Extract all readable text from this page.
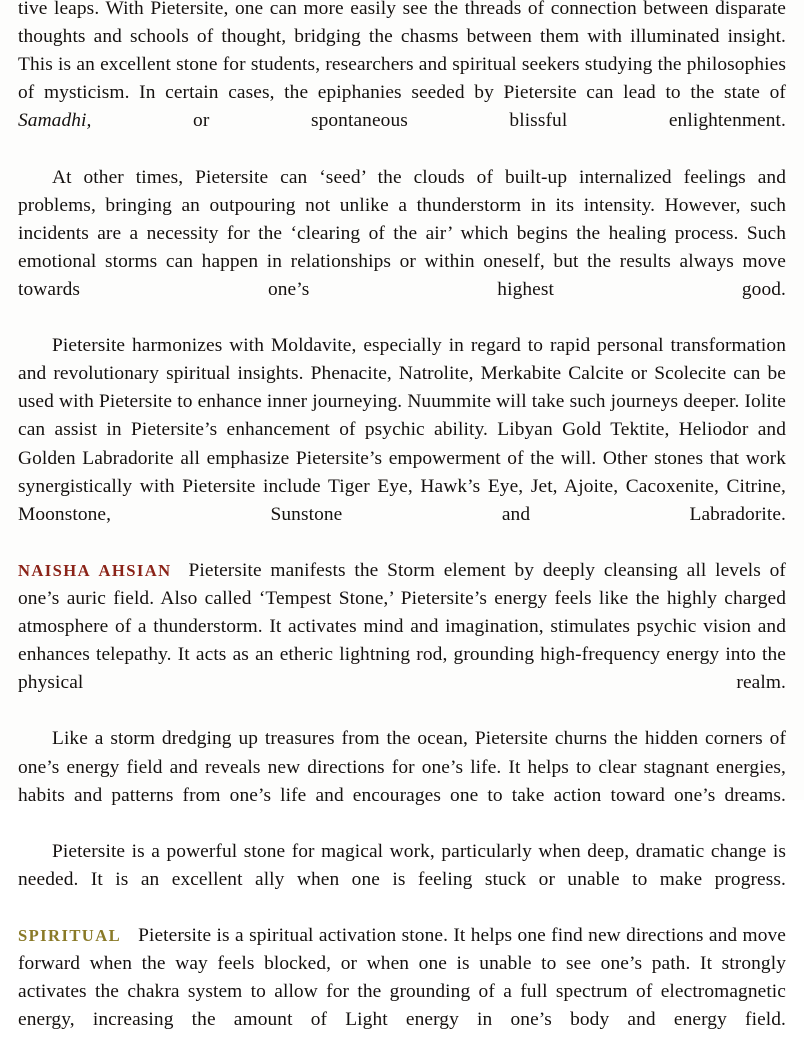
tive leaps. With Pietersite, one can more easily see the threads of connection between disparate thoughts and schools of thought, bridging the chasms between them with illuminated insight. This is an excellent stone for students, researchers and spiritual seekers studying the philosophies of mysticism. In certain cases, the epiphanies seeded by Pietersite can lead to the state of Samadhi, or spontaneous blissful enlightenment.

At other times, Pietersite can ‘seed’ the clouds of built-up internalized feelings and problems, bringing an outpouring not unlike a thunderstorm in its intensity. However, such incidents are a necessity for the ‘clearing of the air’ which begins the healing process. Such emotional storms can happen in relationships or within oneself, but the results always move towards one’s highest good.

Pietersite harmonizes with Moldavite, especially in regard to rapid personal transformation and revolutionary spiritual insights. Phenacite, Natrolite, Merkabite Calcite or Scolecite can be used with Pietersite to enhance inner journeying. Nuummite will take such journeys deeper. Iolite can assist in Pietersite’s enhancement of psychic ability. Libyan Gold Tektite, Heliodor and Golden Labradorite all emphasize Pietersite’s empowerment of the will. Other stones that work synergistically with Pietersite include Tiger Eye, Hawk’s Eye, Jet, Ajoite, Cacoxenite, Citrine, Moonstone, Sunstone and Labradorite.

NAISHA AHSIAN Pietersite manifests the Storm element by deeply cleansing all levels of one’s auric field. Also called ‘Tempest Stone,’ Pietersite’s energy feels like the highly charged atmosphere of a thunderstorm. It activates mind and imagination, stimulates psychic vision and enhances telepathy. It acts as an etheric lightning rod, grounding high-frequency energy into the physical realm.

Like a storm dredging up treasures from the ocean, Pietersite churns the hidden corners of one’s energy field and reveals new directions for one’s life. It helps to clear stagnant energies, habits and patterns from one’s life and encourages one to take action toward one’s dreams.

Pietersite is a powerful stone for magical work, particularly when deep, dramatic change is needed. It is an excellent ally when one is feeling stuck or unable to make progress.

SPIRITUAL Pietersite is a spiritual activation stone. It helps one find new directions and move forward when the way feels blocked, or when one is unable to see one’s path. It strongly activates the chakra system to allow for the grounding of a full spectrum of electromagnetic energy, increasing the amount of Light energy in one’s body and energy field.
